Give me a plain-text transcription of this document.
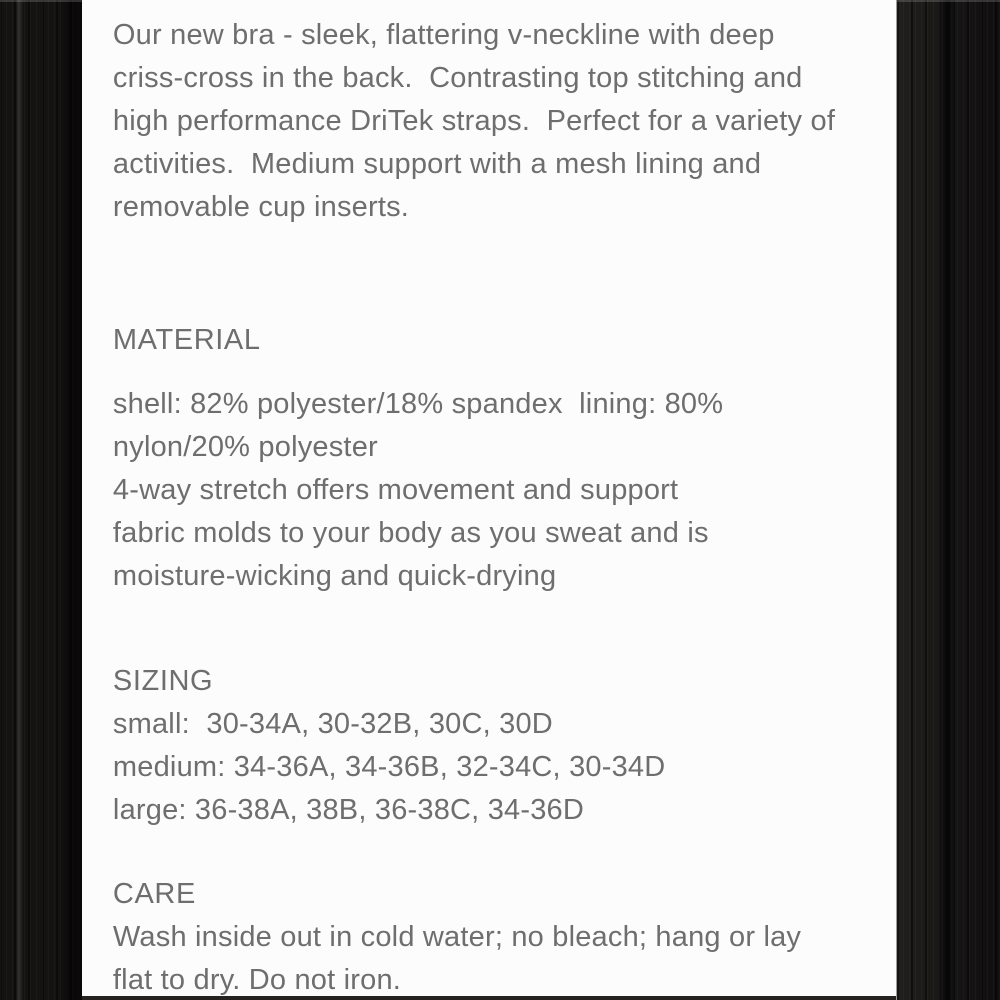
Our new bra - sleek, flattering v-neckline with deep
criss-cross in the back.  Contrasting top stitching and
high performance DriTek straps.  Perfect for a variety of
activities.  Medium support with a mesh lining and
removable cup inserts.
MATERIAL
shell: 82% polyester/18% spandex  lining: 80%
nylon/20% polyester
4-way stretch offers movement and support
fabric molds to your body as you sweat and is
moisture-wicking and quick-drying
SIZING
small:  30-34A, 30-32B, 30C, 30D
medium: 34-36A, 34-36B, 32-34C, 30-34D
large: 36-38A, 38B, 36-38C, 34-36D
CARE
Wash inside out in cold water; no bleach; hang or lay
flat to dry. Do not iron.
